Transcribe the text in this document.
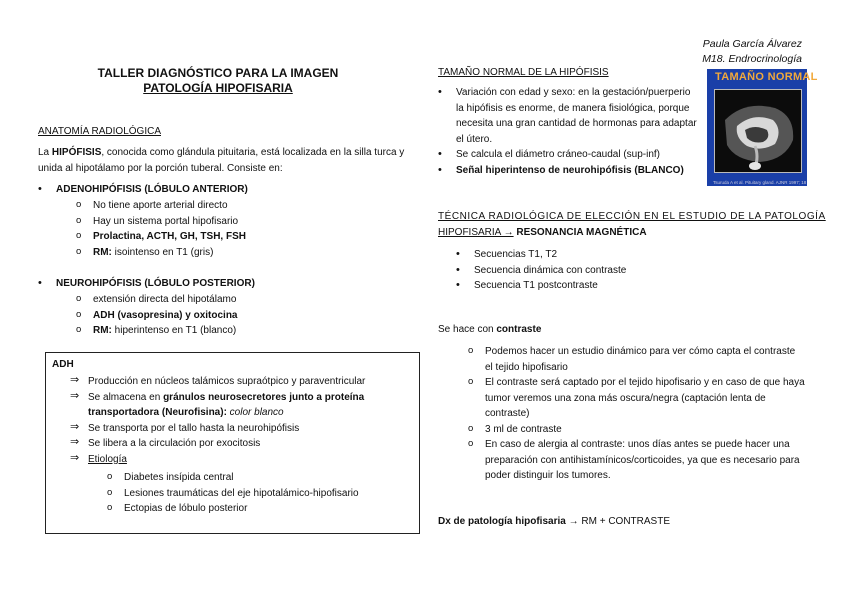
Paula García Álvarez
M18. Endrocrinología
TALLER DIAGNÓSTICO PARA LA IMAGEN
PATOLOGÍA HIPOFISARIA
ANATOMÍA RADIOLÓGICA
La HIPÓFISIS, conocida como glándula pituitaria, está localizada en la silla turca y
unida al hipotálamo por la porción tuberal. Consiste en:
• ADENOHIPÓFISIS (LÓBULO ANTERIOR)
o No tiene aporte arterial directo
o Hay un sistema portal hipofisario
o Prolactina, ACTH, GH, TSH, FSH
o RM: isointenso en T1 (gris)
• NEUROHIPÓFISIS (LÓBULO POSTERIOR)
o extensión directa del hipotálamo
o ADH (vasopresina) y oxitocina
o RM: hiperintenso en T1 (blanco)
ADH
⇒ Producción en núcleos talámicos supraótpico y paraventricular
⇒ Se almacena en gránulos neurosecretores junto a proteína
transportadora (Neurofisina): color blanco
⇒ Se transporta por el tallo hasta la neurohipófisis
⇒ Se libera a la circulación por exocitosis
⇒ Etiología
o Diabetes insípida central
o Lesiones traumáticas del eje hipotalámico-hipofisario
o Ectopias de lóbulo posterior
TAMAÑO NORMAL DE LA HIPÓFISIS
• Variación con edad y sexo: en la gestación/puerperio
la hipófisis es enorme, de manera fisiológica, porque
necesita una gran cantidad de hormonas para adaptar
el útero.
• Se calcula el diámetro cráneo-caudal (sup-inf)
• Señal hiperintenso de neurohipófisis (BLANCO)
TAMAÑO NORMAL
Tsuruda A et al. Pituitary gland. AJNR 1997; 18
TÉCNICA RADIOLÓGICA DE ELECCIÓN EN EL ESTUDIO DE LA PATOLOGÍA
HIPOFISARIA → RESONANCIA MAGNÉTICA
• Secuencias T1, T2
• Secuencia dinámica con contraste
• Secuencia T1 postcontraste
Se hace con contraste
o Podemos hacer un estudio dinámico para ver cómo capta el contraste
el tejido hipofisario
o El contraste será captado por el tejido hipofisario y en caso de que haya
tumor veremos una zona más oscura/negra (captación lenta de
contraste)
o 3 ml de contraste
o En caso de alergia al contraste: unos días antes se puede hacer una
preparación con antihistamínicos/corticoides, ya que es necesario para
poder distinguir los tumores.
Dx de patología hipofisaria → RM + CONTRASTE
